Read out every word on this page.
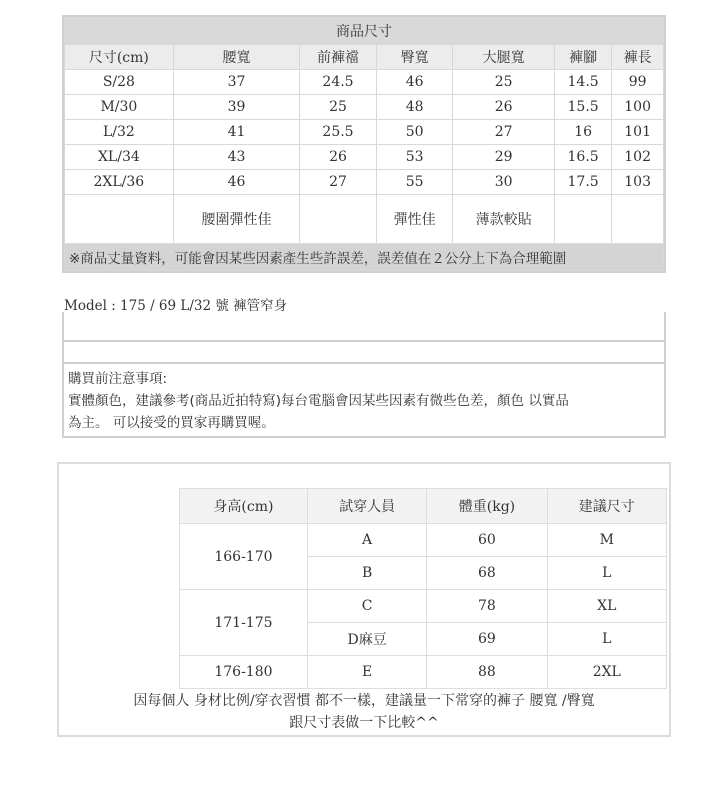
商品尺寸						
尺寸(cm)	腰寬	前褲襠	臀寬	大腿寬	褲腳	褲長
S/28	37	24.5	46	25	14.5	99
M/30	39	25	48	26	15.5	100
L/32	41	25.5	50	27	16	101
XL/34	43	26	53	29	16.5	102
2XL/36	46	27	55	30	17.5	103
	腰圍彈性佳		彈性佳	薄款較貼		
※商品丈量資料，可能會因某些因素產生些許誤差，誤差值在２公分上下為合理範圍						
Model : 175 / 69 L/32 號 褲管窄身
購買前注意事項:
實體顏色，建議參考(商品近拍特寫)每台電腦會因某些因素有微些色差，顏色 以實品
為主。 可以接受的買家再購買喔。
身高(cm)	試穿人員	體重(kg)	建議尺寸
166-170	A	60	M
	B	68	L
171-175	C	78	XL
	D麻豆	69	L
176-180	E	88	2XL
因每個人 身材比例/穿衣習慣 都不一樣，建議量一下常穿的褲子 腰寬 /臀寬
跟尺寸表做一下比較^^
